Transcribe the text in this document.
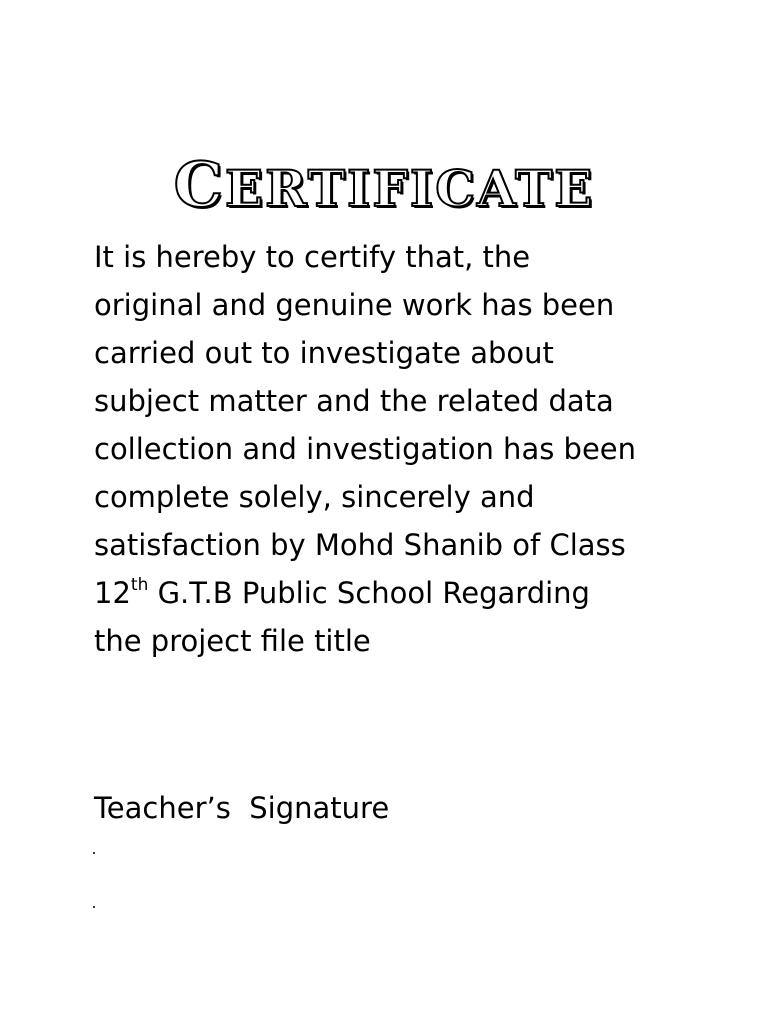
CERTIFICATE

It is hereby to certify that, the
original and genuine work has been
carried out to investigate about
subject matter and the related data
collection and investigation has been
complete solely, sincerely and
satisfaction by Mohd Shanib of Class
12th G.T.B Public School Regarding
the project file title

Teacher’s  Signature
